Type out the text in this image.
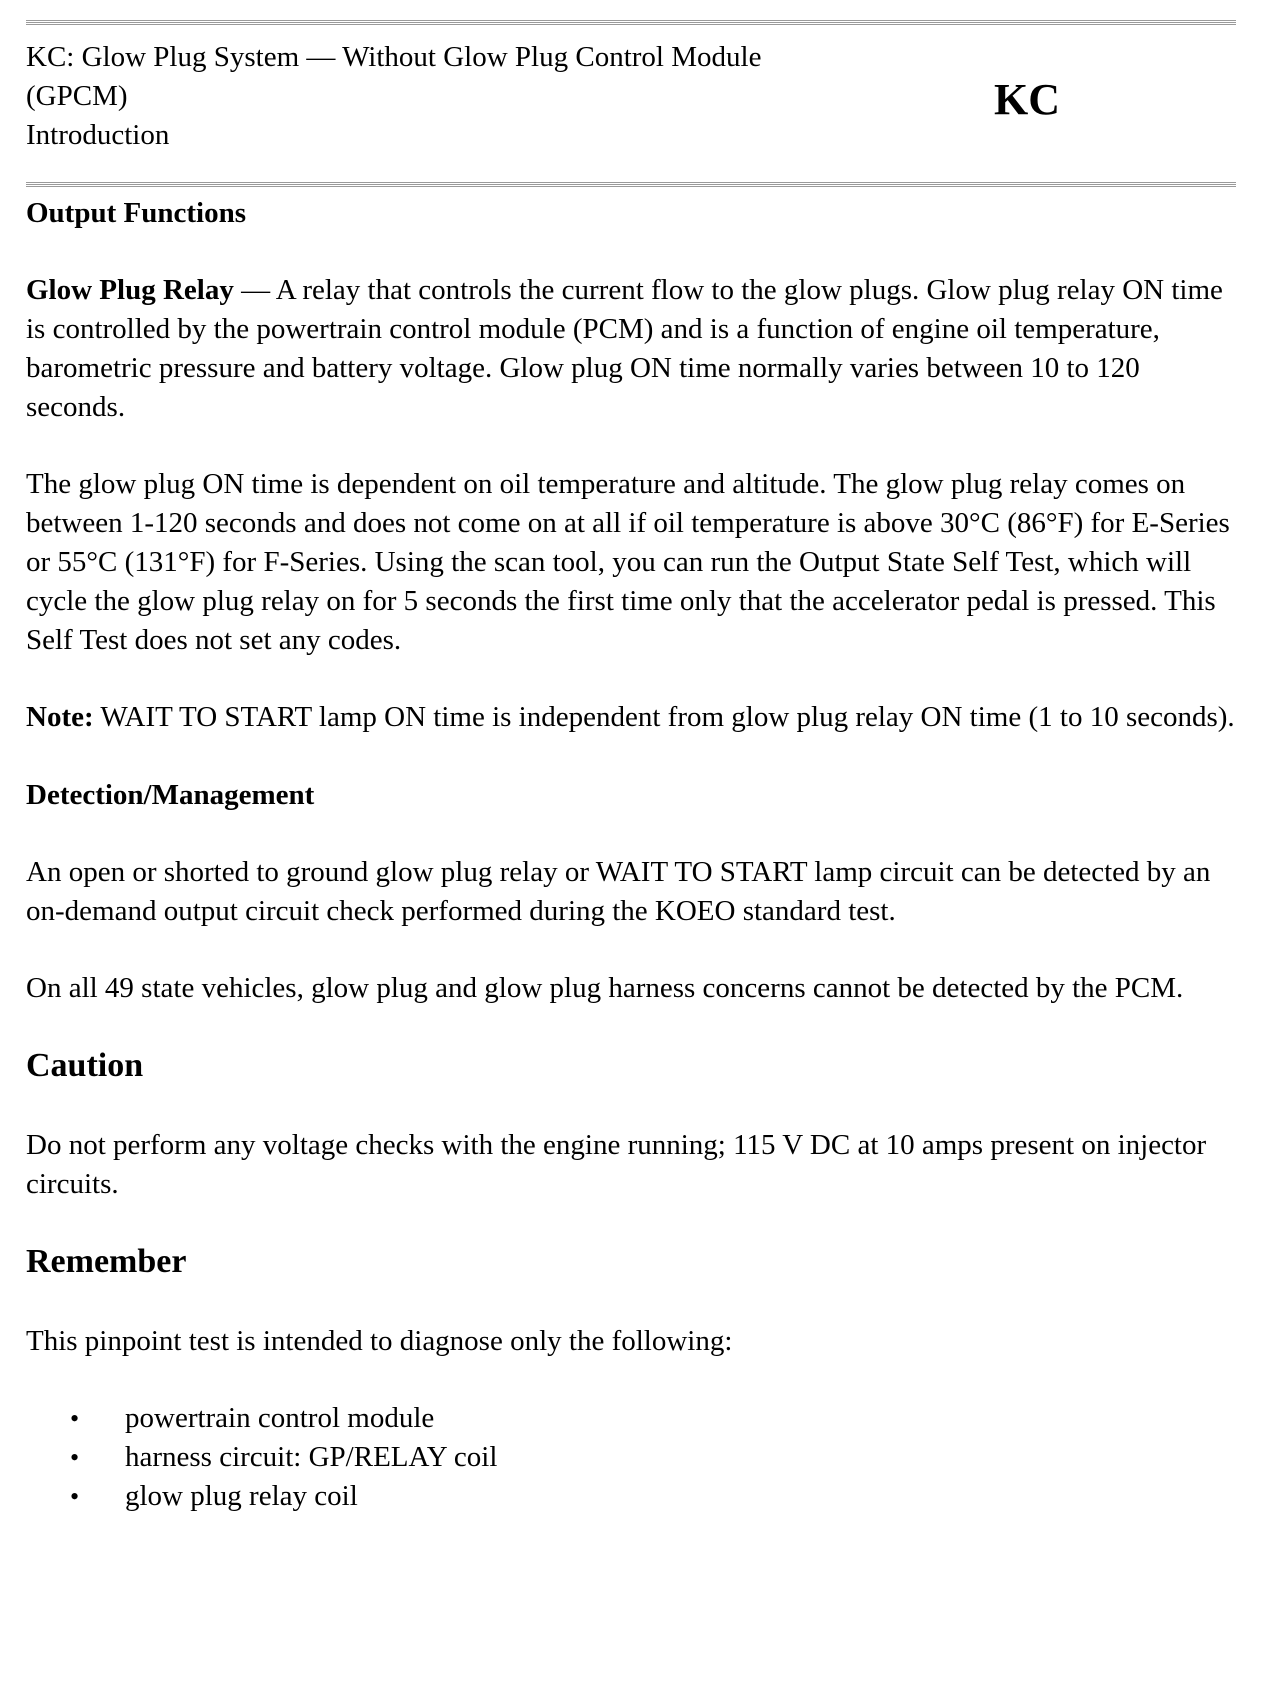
KC: Glow Plug System — Without Glow Plug Control Module
(GPCM)
Introduction
KC

Output Functions

Glow Plug Relay — A relay that controls the current flow to the glow plugs. Glow plug relay ON time is controlled by the powertrain control module (PCM) and is a function of engine oil temperature, barometric pressure and battery voltage. Glow plug ON time normally varies between 10 to 120 seconds.

The glow plug ON time is dependent on oil temperature and altitude. The glow plug relay comes on between 1-120 seconds and does not come on at all if oil temperature is above 30°C (86°F) for E-Series or 55°C (131°F) for F-Series. Using the scan tool, you can run the Output State Self Test, which will cycle the glow plug relay on for 5 seconds the first time only that the accelerator pedal is pressed. This Self Test does not set any codes.

Note: WAIT TO START lamp ON time is independent from glow plug relay ON time (1 to 10 seconds).

Detection/Management

An open or shorted to ground glow plug relay or WAIT TO START lamp circuit can be detected by an on-demand output circuit check performed during the KOEO standard test.

On all 49 state vehicles, glow plug and glow plug harness concerns cannot be detected by the PCM.

Caution

Do not perform any voltage checks with the engine running; 115 V DC at 10 amps present on injector circuits.

Remember

This pinpoint test is intended to diagnose only the following:

• powertrain control module
• harness circuit: GP/RELAY coil
• glow plug relay coil
